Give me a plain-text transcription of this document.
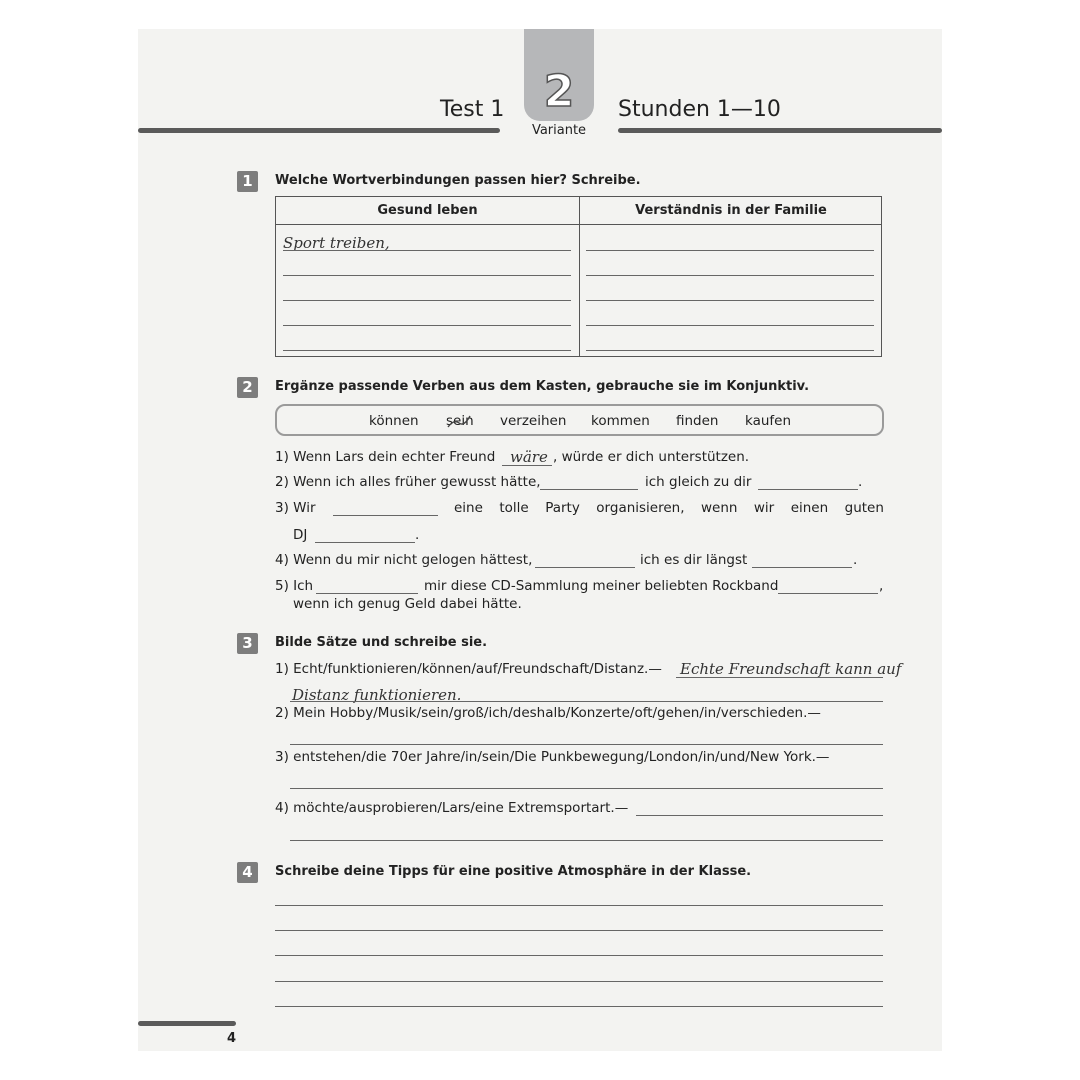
2
Variante
Test 1	Stunden 1—10
1	Welche Wortverbindungen passen hier? Schreibe.
Gesund leben	Verständnis in der Familie
Sport treiben,
2	Ergänze passende Verben aus dem Kasten, gebrauche sie im Konjunktiv.
können sein verzeihen kommen finden kaufen
1) Wenn Lars dein echter Freund wäre , würde er dich unterstützen.
2) Wenn ich alles früher gewusst hätte,	ich gleich zu dir	.
3) Wir	eine tolle Party organisieren, wenn wir einen guten
DJ	.
4) Wenn du mir nicht gelogen hättest,	ich es dir längst	.
5) Ich	mir diese CD-Sammlung meiner beliebten Rockband	,
wenn ich genug Geld dabei hätte.
3	Bilde Sätze und schreibe sie.
1) Echt/funktionieren/können/auf/Freundschaft/Distanz.— Echte Freundschaft kann auf
Distanz funktionieren.
2) Mein Hobby/Musik/sein/groß/ich/deshalb/Konzerte/oft/gehen/in/verschieden.—
3) entstehen/die 70er Jahre/in/sein/Die Punkbewegung/London/in/und/New York.—
4) möchte/ausprobieren/Lars/eine Extremsportart.—
4	Schreibe deine Tipps für eine positive Atmosphäre in der Klasse.
4
